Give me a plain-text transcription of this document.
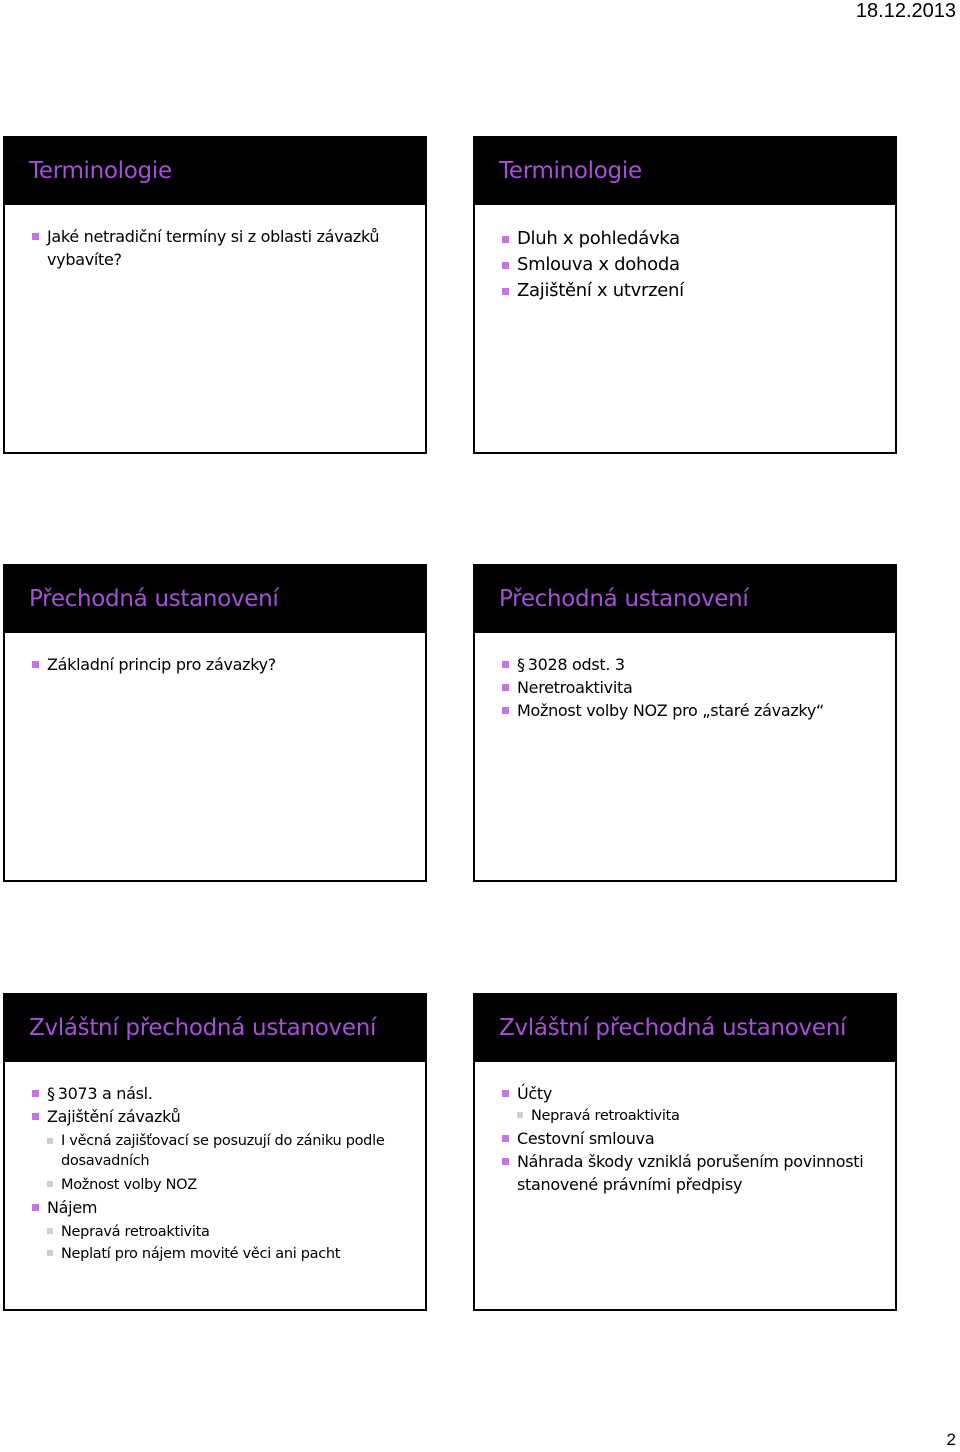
18.12.2013
Terminologie
Jaké netradiční termíny si z oblasti závazků vybavíte?
Terminologie
Dluh x pohledávka
Smlouva x dohoda
Zajištění x utvrzení
Přechodná ustanovení
Základní princip pro závazky?
Přechodná ustanovení
§ 3028 odst. 3
Neretroaktivita
Možnost volby NOZ pro „staré závazky“
Zvláštní přechodná ustanovení
§ 3073 a násl.
Zajištění závazků
I věcná zajišťovací se posuzují do zániku podle dosavadních
Možnost volby NOZ
Nájem
Nepravá retroaktivita
Neplatí pro nájem movité věci ani pacht
Zvláštní přechodná ustanovení
Účty
Nepravá retroaktivita
Cestovní smlouva
Náhrada škody vzniklá porušením povinnosti stanovené právními předpisy
2
